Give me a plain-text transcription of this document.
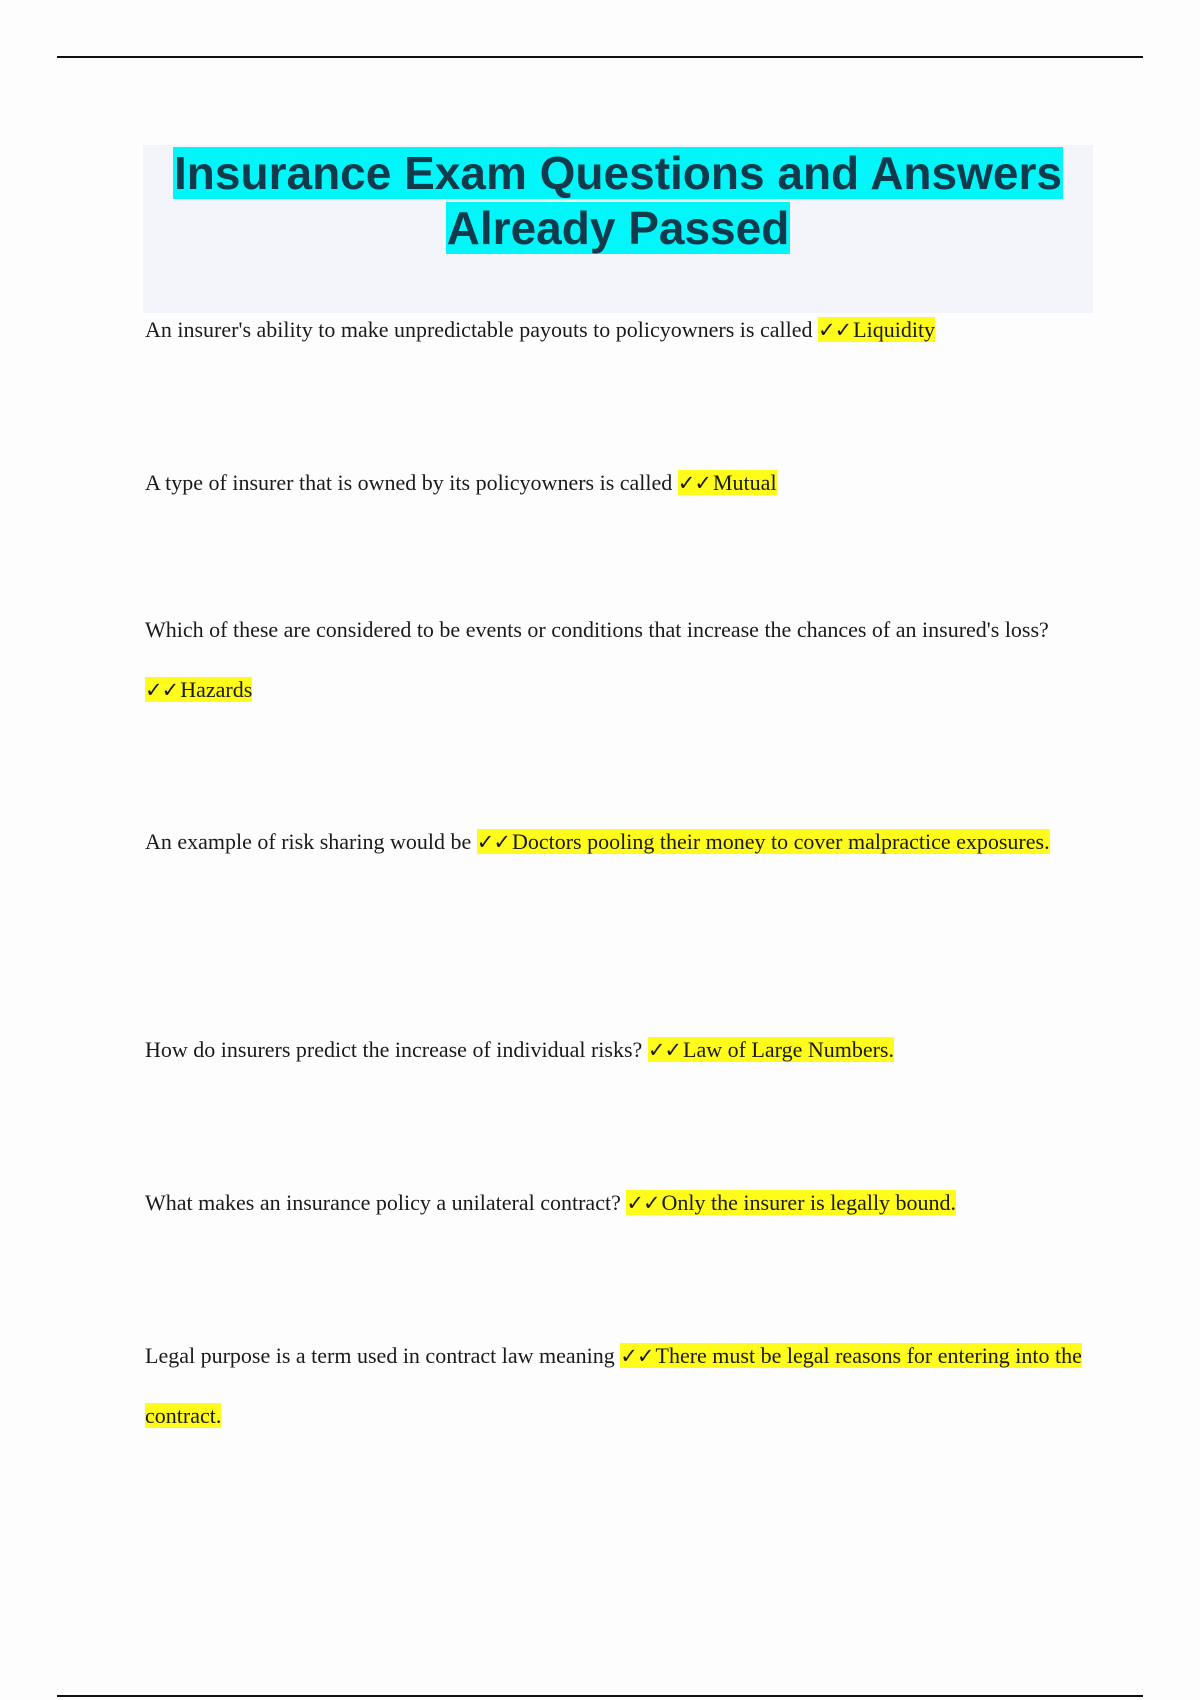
Insurance Exam Questions and Answers
Already Passed

An insurer's ability to make unpredictable payouts to policyowners is called ✓✓Liquidity

A type of insurer that is owned by its policyowners is called ✓✓Mutual

Which of these are considered to be events or conditions that increase the chances of an insured's loss? ✓✓Hazards

An example of risk sharing would be ✓✓Doctors pooling their money to cover malpractice exposures.

How do insurers predict the increase of individual risks? ✓✓Law of Large Numbers.

What makes an insurance policy a unilateral contract? ✓✓Only the insurer is legally bound.

Legal purpose is a term used in contract law meaning ✓✓There must be legal reasons for entering into the contract.
